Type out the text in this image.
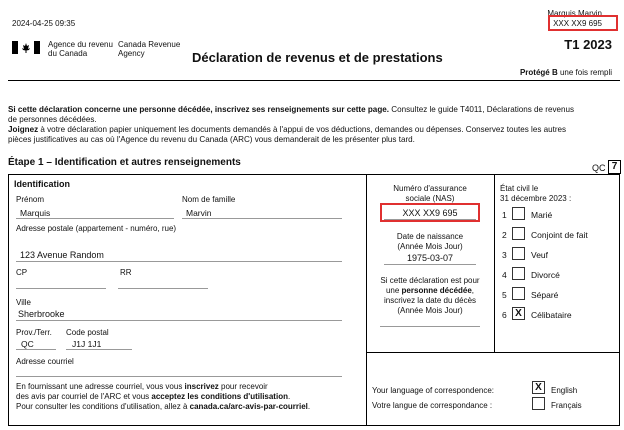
2024-04-25 09:35
Marquis Marvin
XXX XX9 695
Agence du revenu
du Canada
Canada Revenue
Agency
T1 2023
Déclaration de revenus et de prestations
Protégé B une fois rempli
Si cette déclaration concerne une personne décédée, inscrivez ses renseignements sur cette page. Consultez le guide T4011, Déclarations de revenus
de personnes décédées.
Joignez à votre déclaration papier uniquement les documents demandés à l'appui de vos déductions, demandes ou dépenses. Conservez toutes les autres
pièces justificatives au cas où l'Agence du revenu du Canada (ARC) vous demanderait de les présenter plus tard.
Étape 1 – Identification et autres renseignements	QC 7
Identification
Prénom
Marquis
Nom de famille
Marvin
Adresse postale (appartement - numéro, rue)
123 Avenue Random
CP	RR
Ville
Sherbrooke
Prov./Terr.
QC
Code postal
J1J 1J1
Adresse courriel
En fournissant une adresse courriel, vous vous inscrivez pour recevoir
des avis par courriel de l'ARC et vous acceptez les conditions d'utilisation.
Pour consulter les conditions d'utilisation, allez à canada.ca/arc-avis-par-courriel.
Numéro d'assurance
sociale (NAS)
XXX XX9 695
Date de naissance
(Année Mois Jour)
1975-03-07
Si cette déclaration est pour
une personne décédée,
inscrivez la date du décès
(Année Mois Jour)
État civil le
31 décembre 2023 :
1	Marié
2	Conjoint de fait
3	Veuf
4	Divorcé
5	Séparé
6 X	Célibataire
Your language of correspondence:	X	English
Votre langue de correspondance :	Français
